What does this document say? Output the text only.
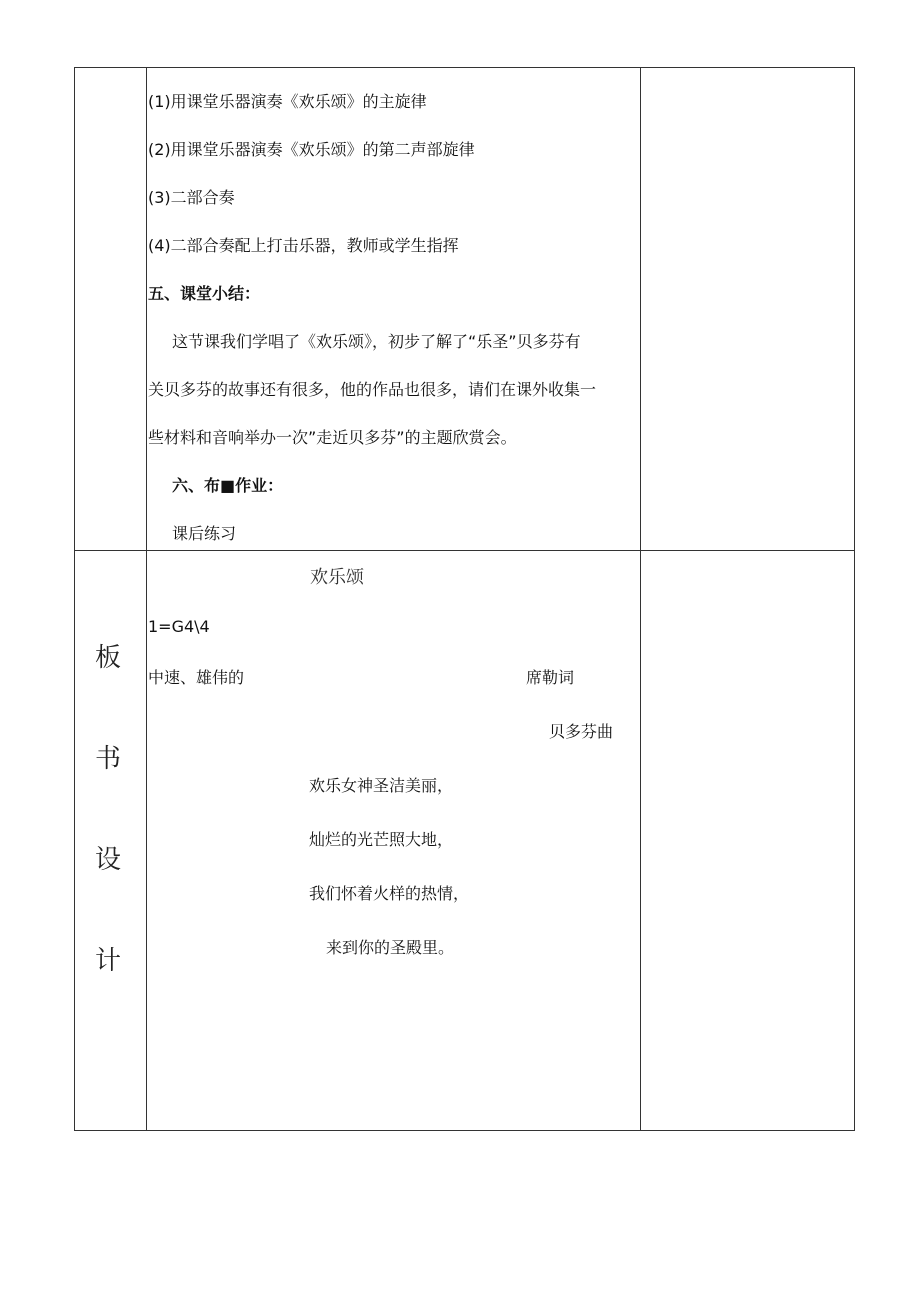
(1)用课堂乐器演奏《欢乐颂》的主旋律
(2)用课堂乐器演奏《欢乐颂》的第二声部旋律
(3)二部合奏
(4)二部合奏配上打击乐器，教师或学生指挥
五、课堂小结：
这节课我们学唱了《欢乐颂》，初步了解了“乐圣”贝多芬有
关贝多芬的故事还有很多，他的作品也很多，请们在课外收集一
些材料和音响举办一次”走近贝多芬”的主题欣赏会。
六、布■作业：
课后练习
板
书
设
计
欢乐颂
1=G4\4
中速、雄伟的	席勒词
贝多芬曲
欢乐女神圣洁美丽，
灿烂的光芒照大地，
我们怀着火样的热情，
来到你的圣殿里。
